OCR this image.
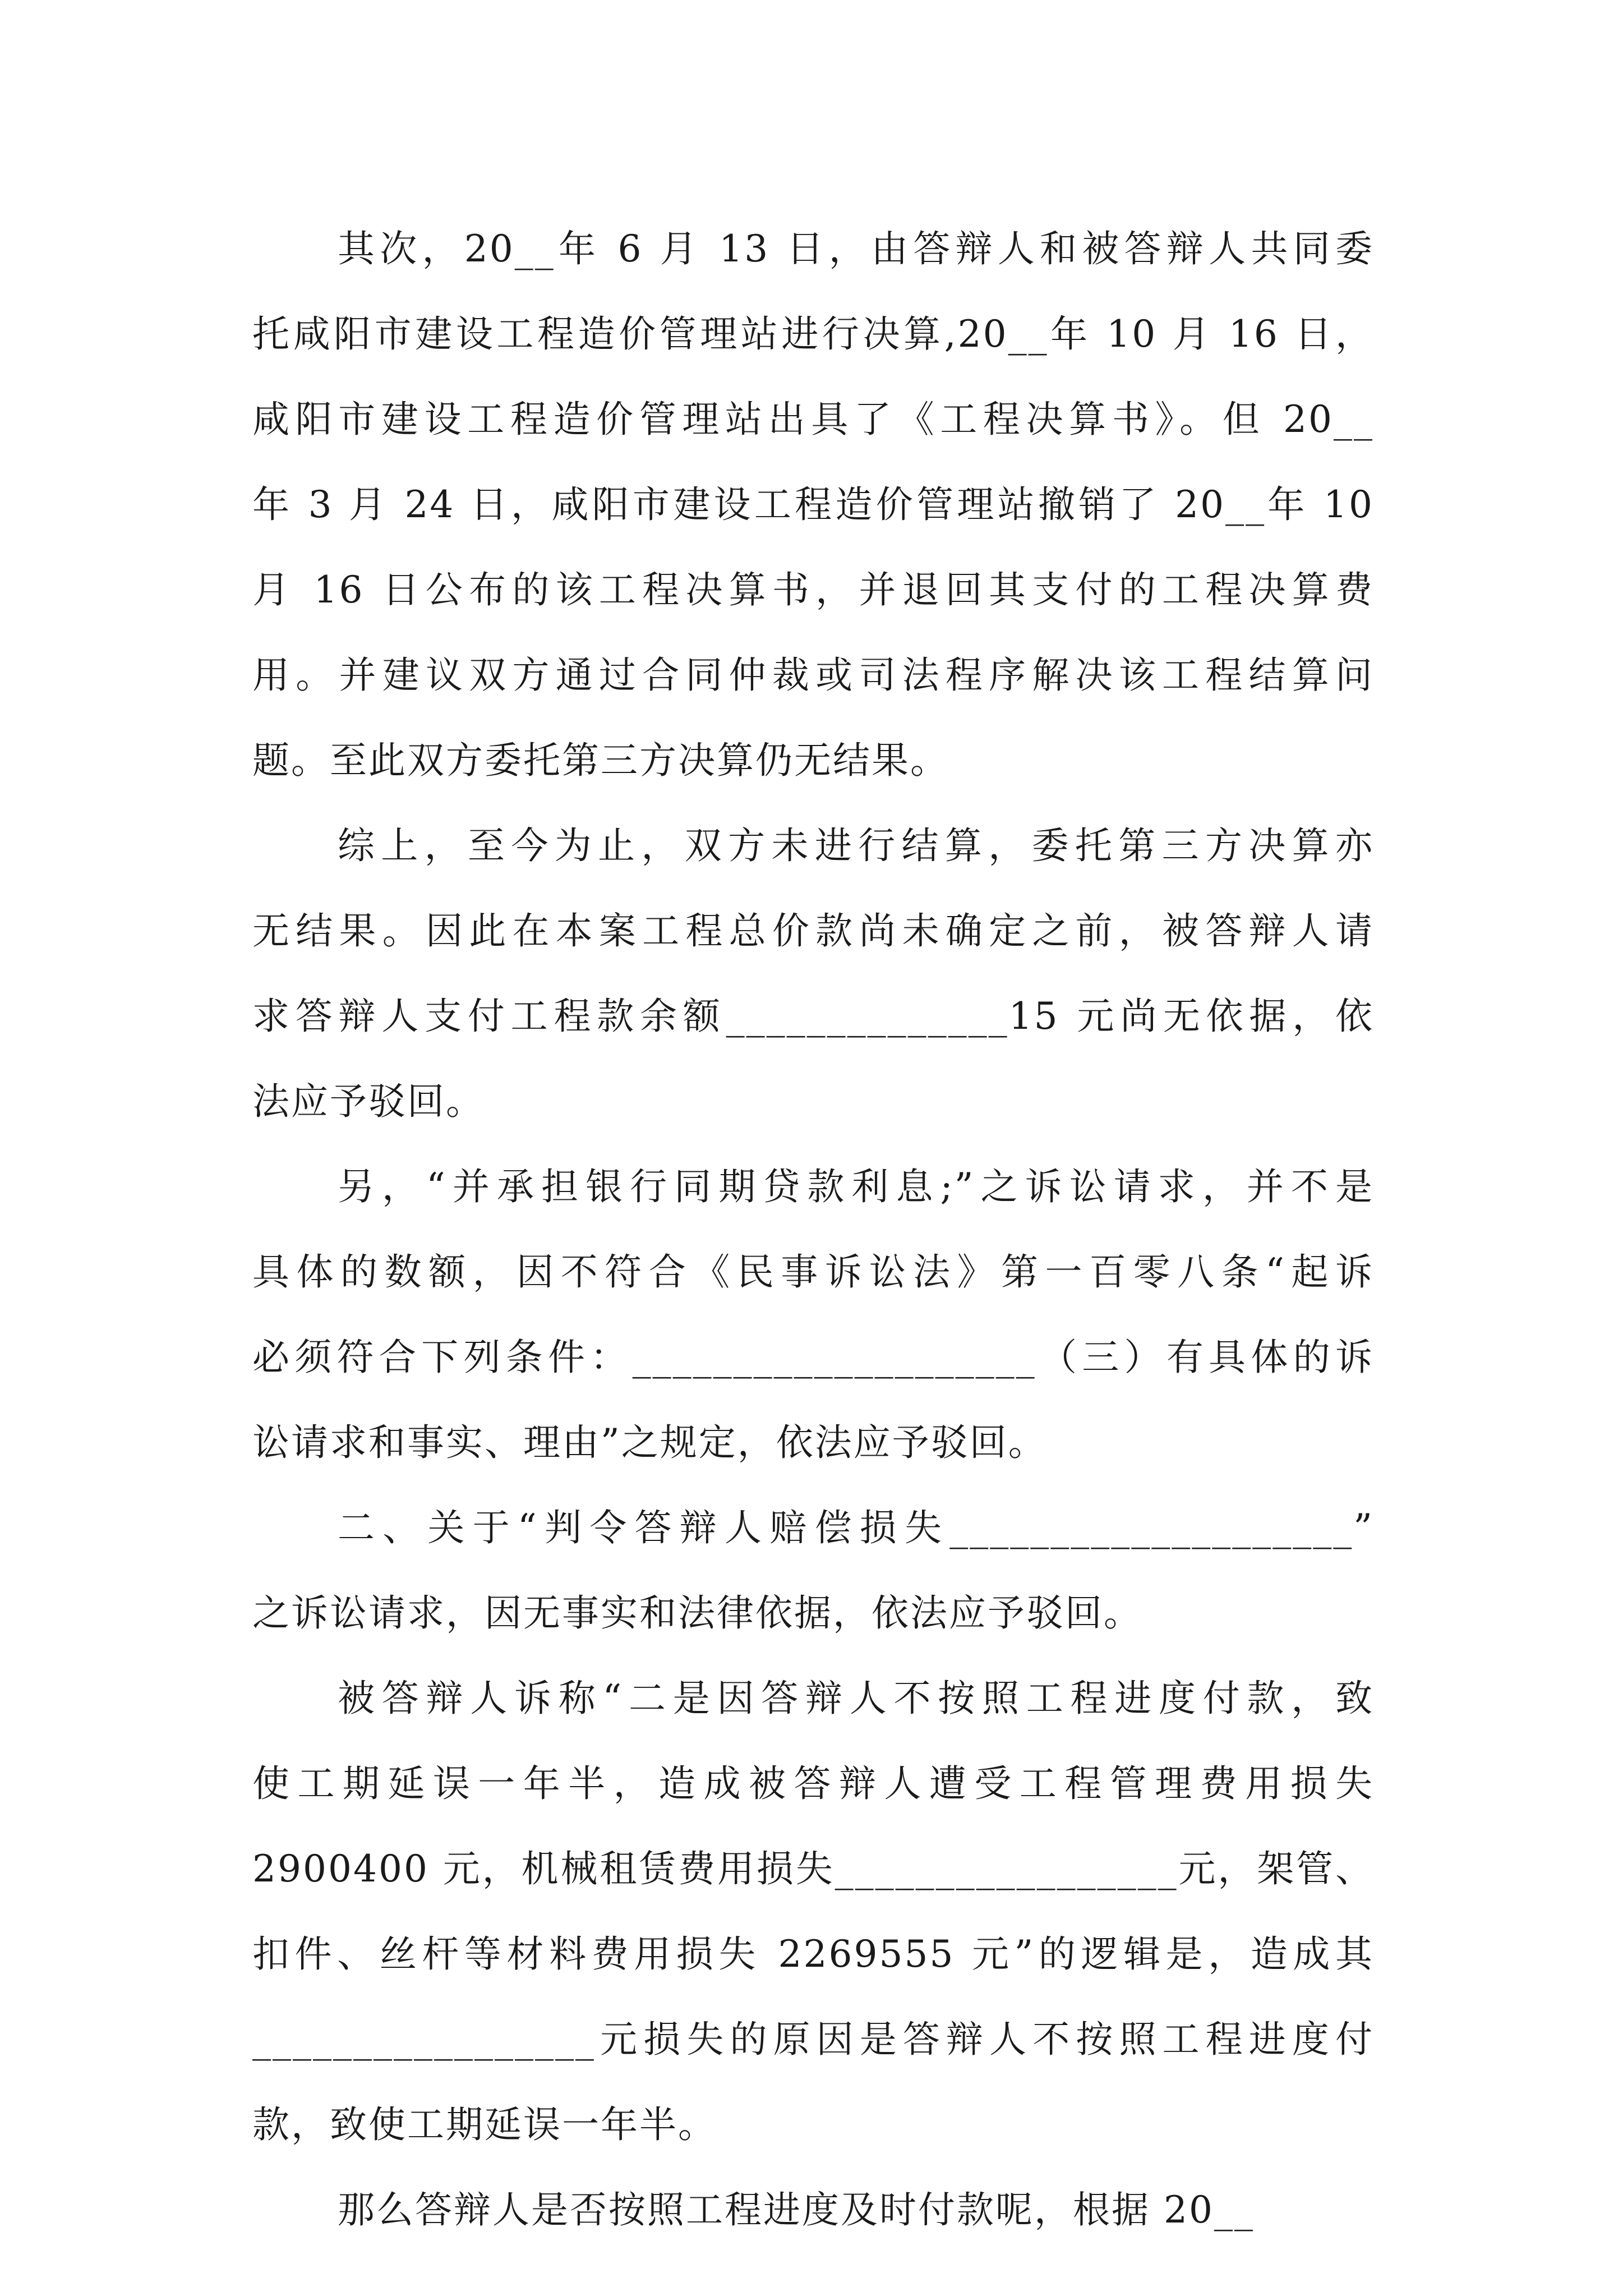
其次，20__年 6 月 13 日，由答辩人和被答辩人共同委
托咸阳市建设工程造价管理站进行决算,20__年 10 月 16 日，
咸阳市建设工程造价管理站出具了《工程决算书》。但 20__
年 3 月 24 日，咸阳市建设工程造价管理站撤销了 20__年 10
月 16 日公布的该工程决算书，并退回其支付的工程决算费
用。并建议双方通过合同仲裁或司法程序解决该工程结算问
题。至此双方委托第三方决算仍无结果。
综上，至今为止，双方未进行结算，委托第三方决算亦
无结果。因此在本案工程总价款尚未确定之前，被答辩人请
求答辩人支付工程款余额______________15 元尚无依据，依
法应予驳回。
另，“并承担银行同期贷款利息;”之诉讼请求，并不是
具体的数额，因不符合《民事诉讼法》第一百零八条“起诉
必须符合下列条件：____________________（三）有具体的诉
讼请求和事实、理由”之规定，依法应予驳回。
二、关于“判令答辩人赔偿损失____________________”
之诉讼请求，因无事实和法律依据，依法应予驳回。
被答辩人诉称“二是因答辩人不按照工程进度付款，致
使工期延误一年半，造成被答辩人遭受工程管理费用损失
2900400 元，机械租赁费用损失_________________元，架管、
扣件、丝杆等材料费用损失 2269555 元”的逻辑是，造成其
_________________元损失的原因是答辩人不按照工程进度付
款，致使工期延误一年半。
那么答辩人是否按照工程进度及时付款呢，根据 20__
